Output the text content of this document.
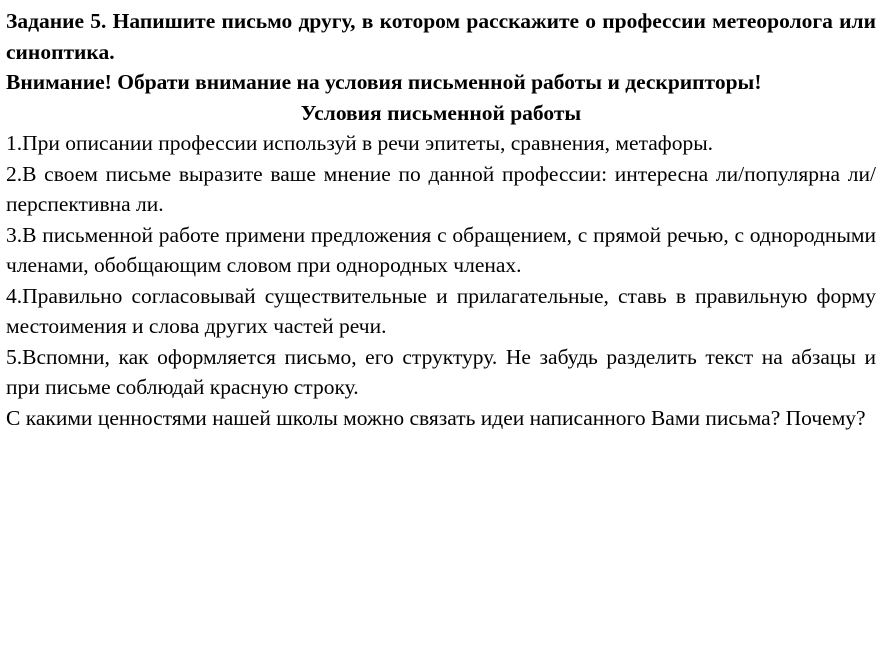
Задание 5. Напишите письмо другу, в котором расскажите о профессии метеоролога или синоптика.

Внимание! Обрати внимание на условия письменной работы и дескрипторы!

Условия письменной работы

1.При описании профессии используй в речи эпитеты, сравнения, метафоры.

2.В своем письме выразите ваше мнение по данной профессии: интересна ли/популярна ли/перспективна ли.

3.В письменной работе примени предложения с обращением, с прямой речью, с однородными членами, обобщающим словом при однородных членах.

4.Правильно согласовывай существительные и прилагательные, ставь в правильную форму местоимения и слова других частей речи.

5.Вспомни, как оформляется письмо, его структуру. Не забудь разделить текст на абзацы и при письме соблюдай красную строку.

С какими ценностями нашей школы можно связать идеи написанного Вами письма? Почему?
